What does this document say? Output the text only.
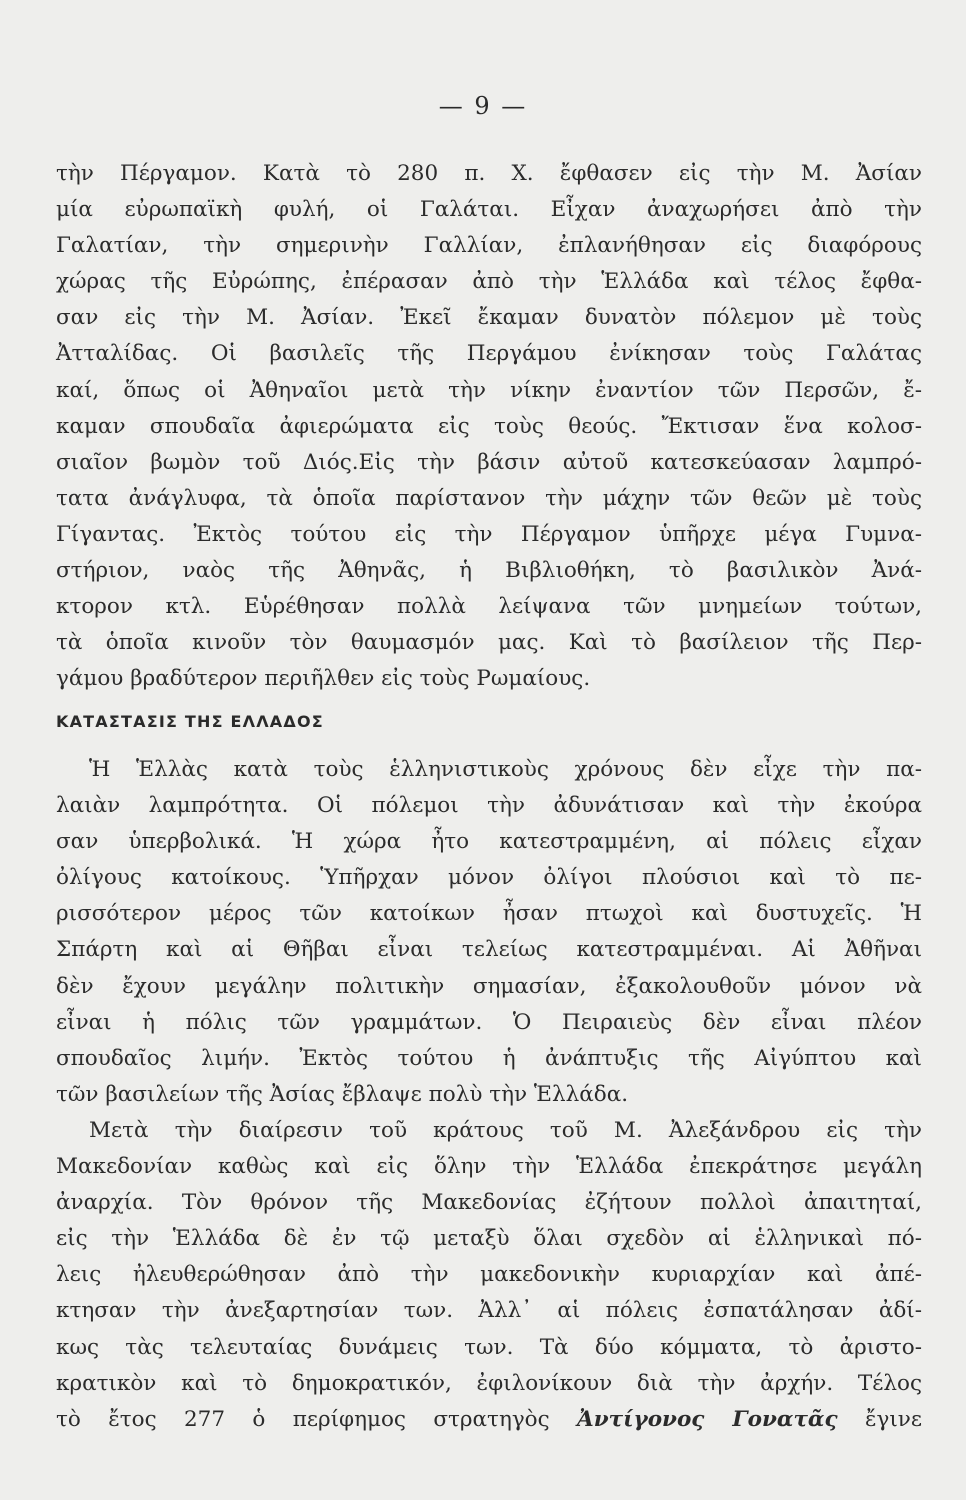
— 9 —
τὴν Πέργαμον. Κατὰ τὸ 280 π. Χ. ἔφθασεν εἰς τὴν Μ. Ἀσίαν
μία εὐρωπαϊκὴ φυλή, οἱ Γαλάται. Εἶχαν ἀναχωρήσει ἀπὸ τὴν
Γαλατίαν, τὴν σημερινὴν Γαλλίαν, ἐπλανήθησαν εἰς διαφόρους
χώρας τῆς Εὐρώπης, ἐπέρασαν ἀπὸ τὴν Ἑλλάδα καὶ τέλος ἔφθα-
σαν εἰς τὴν Μ. Ἀσίαν. Ἐκεῖ ἔκαμαν δυνατὸν πόλεμον μὲ τοὺς
Ἀτταλίδας. Οἱ βασιλεῖς τῆς Περγάμου ἐνίκησαν τοὺς Γαλάτας
καί, ὅπως οἱ Ἀθηναῖοι μετὰ τὴν νίκην ἐναντίον τῶν Περσῶν, ἔ-
καμαν σπουδαῖα ἀφιερώματα εἰς τοὺς θεούς. Ἔκτισαν ἕνα κολοσ-
σιαῖον βωμὸν τοῦ Διός.Εἰς τὴν βάσιν αὐτοῦ κατεσκεύασαν λαμπρό-
τατα ἀνάγλυφα, τὰ ὁποῖα παρίστανον τὴν μάχην τῶν θεῶν μὲ τοὺς
Γίγαντας. Ἐκτὸς τούτου εἰς τὴν Πέργαμον ὑπῆρχε μέγα Γυμνα-
στήριον, ναὸς τῆς Ἀθηνᾶς, ἡ Βιβλιοθήκη, τὸ βασιλικὸν Ἀνά-
κτορον κτλ. Εὑρέθησαν πολλὰ λείψανα τῶν μνημείων τούτων,
τὰ ὁποῖα κινοῦν τὸν θαυμασμόν μας. Καὶ τὸ βασίλειον τῆς Περ-
γάμου βραδύτερον περιῆλθεν εἰς τοὺς Ρωμαίους.
ΚΑΤΑΣΤΑΣΙΣ ΤΗΣ ΕΛΛΑΔΟΣ
Ἡ Ἑλλὰς κατὰ τοὺς ἑλληνιστικοὺς χρόνους δὲν εἶχε τὴν πα-
λαιὰν λαμπρότητα. Οἱ πόλεμοι τὴν ἀδυνάτισαν καὶ τὴν ἐκούρα
σαν ὑπερβολικά. Ἡ χώρα ἦτο κατεστραμμένη, αἱ πόλεις εἶχαν
ὀλίγους κατοίκους. Ὑπῆρχαν μόνον ὀλίγοι πλούσιοι καὶ τὸ πε-
ρισσότερον μέρος τῶν κατοίκων ἦσαν πτωχοὶ καὶ δυστυχεῖς. Ἡ
Σπάρτη καὶ αἱ Θῆβαι εἶναι τελείως κατεστραμμέναι. Αἱ Ἀθῆναι
δὲν ἔχουν μεγάλην πολιτικὴν σημασίαν, ἐξακολουθοῦν μόνον νὰ
εἶναι ἡ πόλις τῶν γραμμάτων. Ὁ Πειραιεὺς δὲν εἶναι πλέον
σπουδαῖος λιμήν. Ἐκτὸς τούτου ἡ ἀνάπτυξις τῆς Αἰγύπτου καὶ
τῶν βασιλείων τῆς Ἀσίας ἔβλαψε πολὺ τὴν Ἑλλάδα.
Μετὰ τὴν διαίρεσιν τοῦ κράτους τοῦ Μ. Ἀλεξάνδρου εἰς τὴν
Μακεδονίαν καθὼς καὶ εἰς ὅλην τὴν Ἑλλάδα ἐπεκράτησε μεγάλη
ἀναρχία. Τὸν θρόνον τῆς Μακεδονίας ἐζήτουν πολλοὶ ἀπαιτηταί,
εἰς τὴν Ἑλλάδα δὲ ἐν τῷ μεταξὺ ὅλαι σχεδὸν αἱ ἑλληνικαὶ πό-
λεις ἠλευθερώθησαν ἀπὸ τὴν μακεδονικὴν κυριαρχίαν καὶ ἀπέ-
κτησαν τὴν ἀνεξαρτησίαν των. Ἀλλ᾽ αἱ πόλεις ἐσπατάλησαν ἀδί-
κως τὰς τελευταίας δυνάμεις των. Τὰ δύο κόμματα, τὸ ἀριστο-
κρατικὸν καὶ τὸ δημοκρατικόν, ἐφιλονίκουν διὰ τὴν ἀρχήν. Τέλος
τὸ ἔτος 277 ὁ περίφημος στρατηγὸς Ἀντίγονος Γονατᾶς ἔγινε
